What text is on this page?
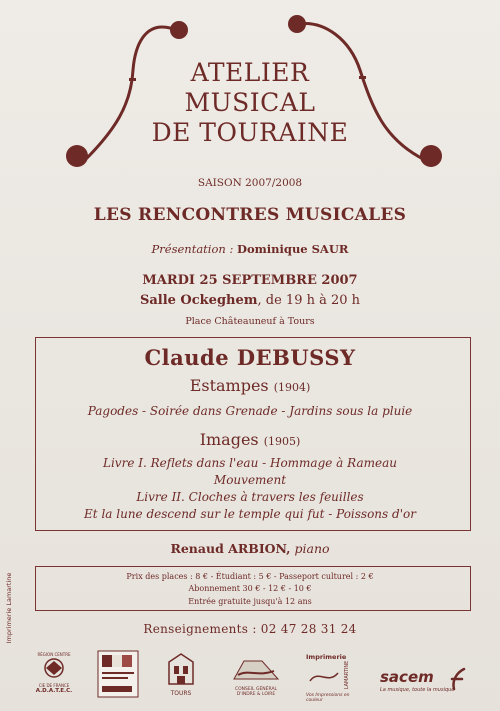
ATELIER
MUSICAL
DE TOURAINE
SAISON 2007/2008
LES RENCONTRES MUSICALES
Présentation : Dominique SAUR
MARDI 25 SEPTEMBRE 2007
Salle Ockeghem, de 19 h à 20 h
Place Châteauneuf à Tours
Claude DEBUSSY
Estampes (1904)
Pagodes - Soirée dans Grenade - Jardins sous la pluie
Images (1905)
Livre I. Reflets dans l'eau - Hommage à Rameau
Mouvement
Livre II. Cloches à travers les feuilles
Et la lune descend sur le temple qui fut - Poissons d'or
Renaud ARBION, piano
Prix des places : 8 € - Étudiant : 5 € - Passeport culturel : 2 €
Abonnement 30 € - 12 € - 10 €
Entrée gratuite jusqu'à 12 ans
Renseignements : 02 47 28 31 24
Imprimerie Lamartine
RÉGION CENTRE
CIE DE FRANCE
A.D.A.T.E.C.	TOURS
CONSEIL GÉNÉRAL
D'INDRE & LOIRE
Imprimerie
LAMARTINE
Vos Impressions en couleur
sacem
La musique, toute la musique
